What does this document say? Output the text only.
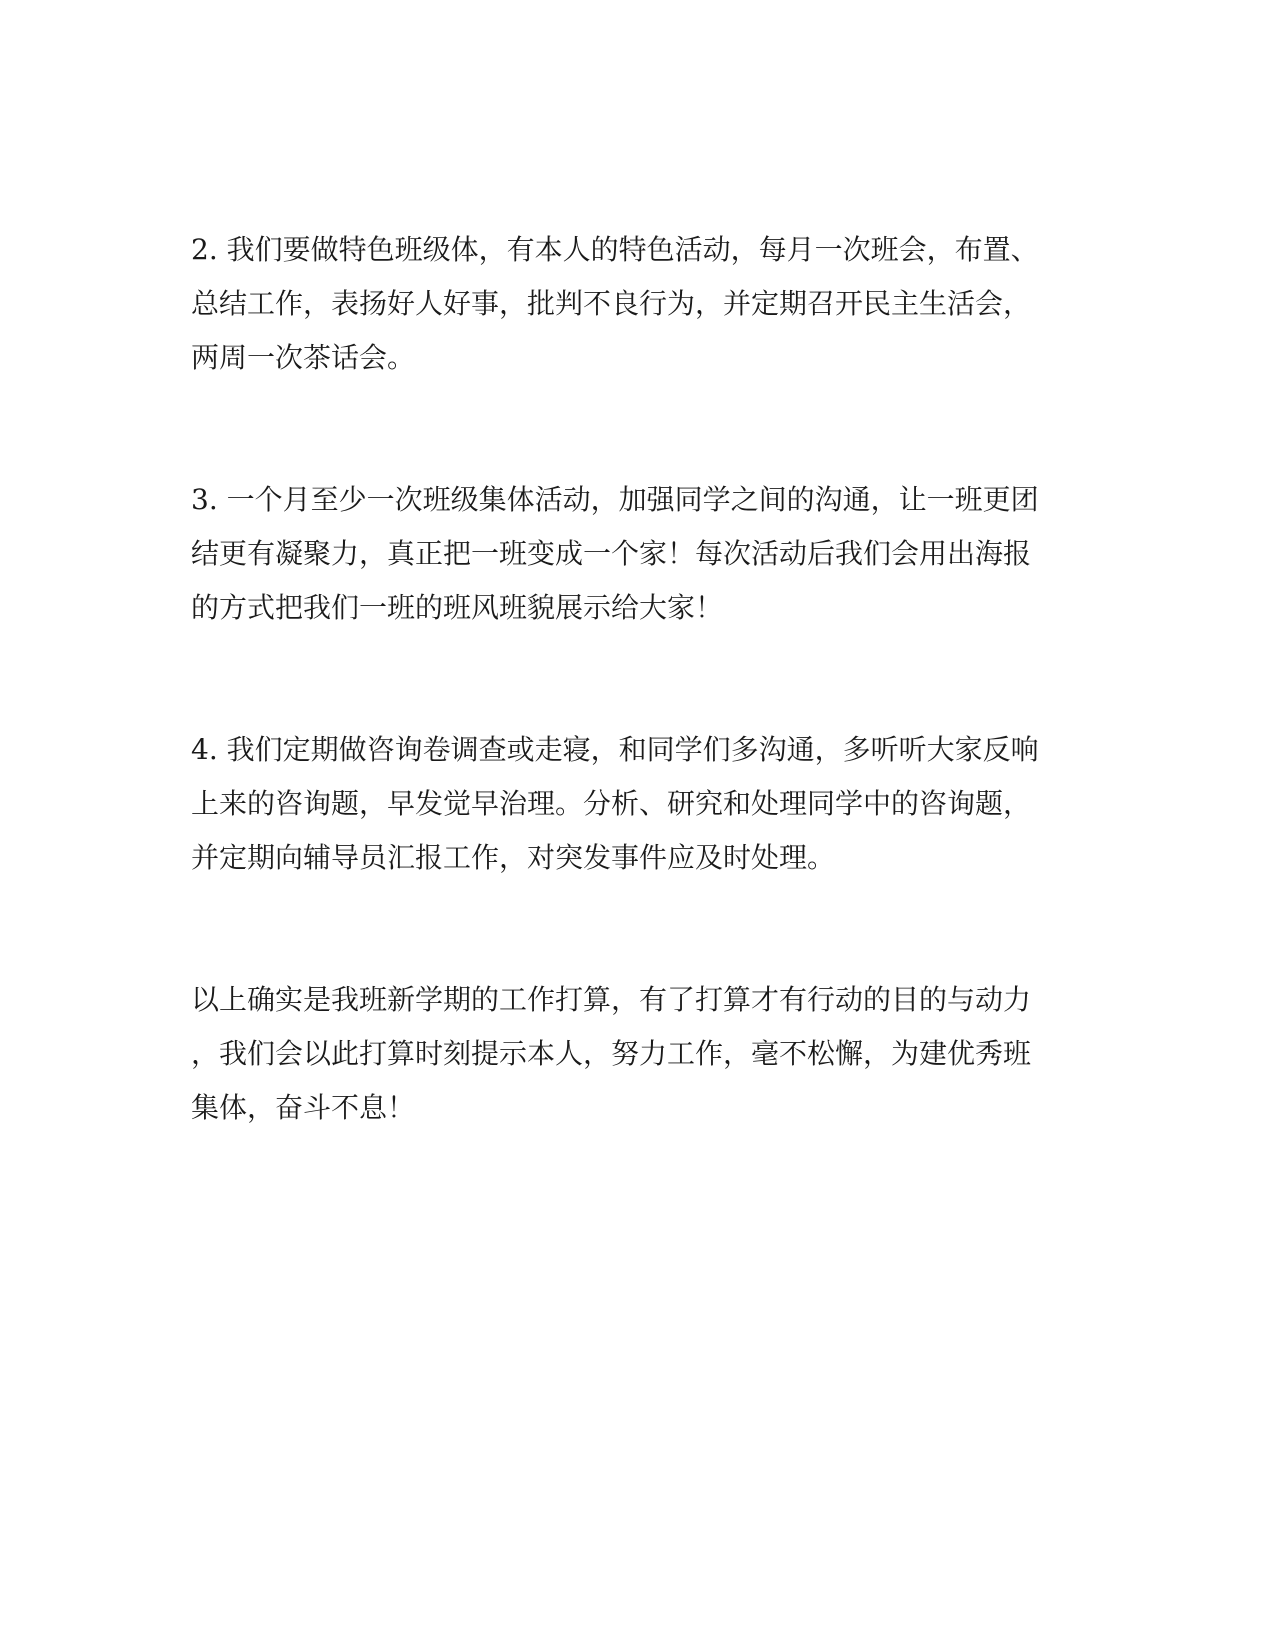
2. 我们要做特色班级体，有本人的特色活动，每月一次班会，布置、
总结工作，表扬好人好事，批判不良行为，并定期召开民主生活会，
两周一次茶话会。

3. 一个月至少一次班级集体活动，加强同学之间的沟通，让一班更团
结更有凝聚力，真正把一班变成一个家！每次活动后我们会用出海报
的方式把我们一班的班风班貌展示给大家！

4. 我们定期做咨询卷调查或走寝，和同学们多沟通，多听听大家反响
上来的咨询题，早发觉早治理。分析、研究和处理同学中的咨询题，
并定期向辅导员汇报工作，对突发事件应及时处理。

以上确实是我班新学期的工作打算，有了打算才有行动的目的与动力
，我们会以此打算时刻提示本人，努力工作，毫不松懈，为建优秀班
集体，奋斗不息！
